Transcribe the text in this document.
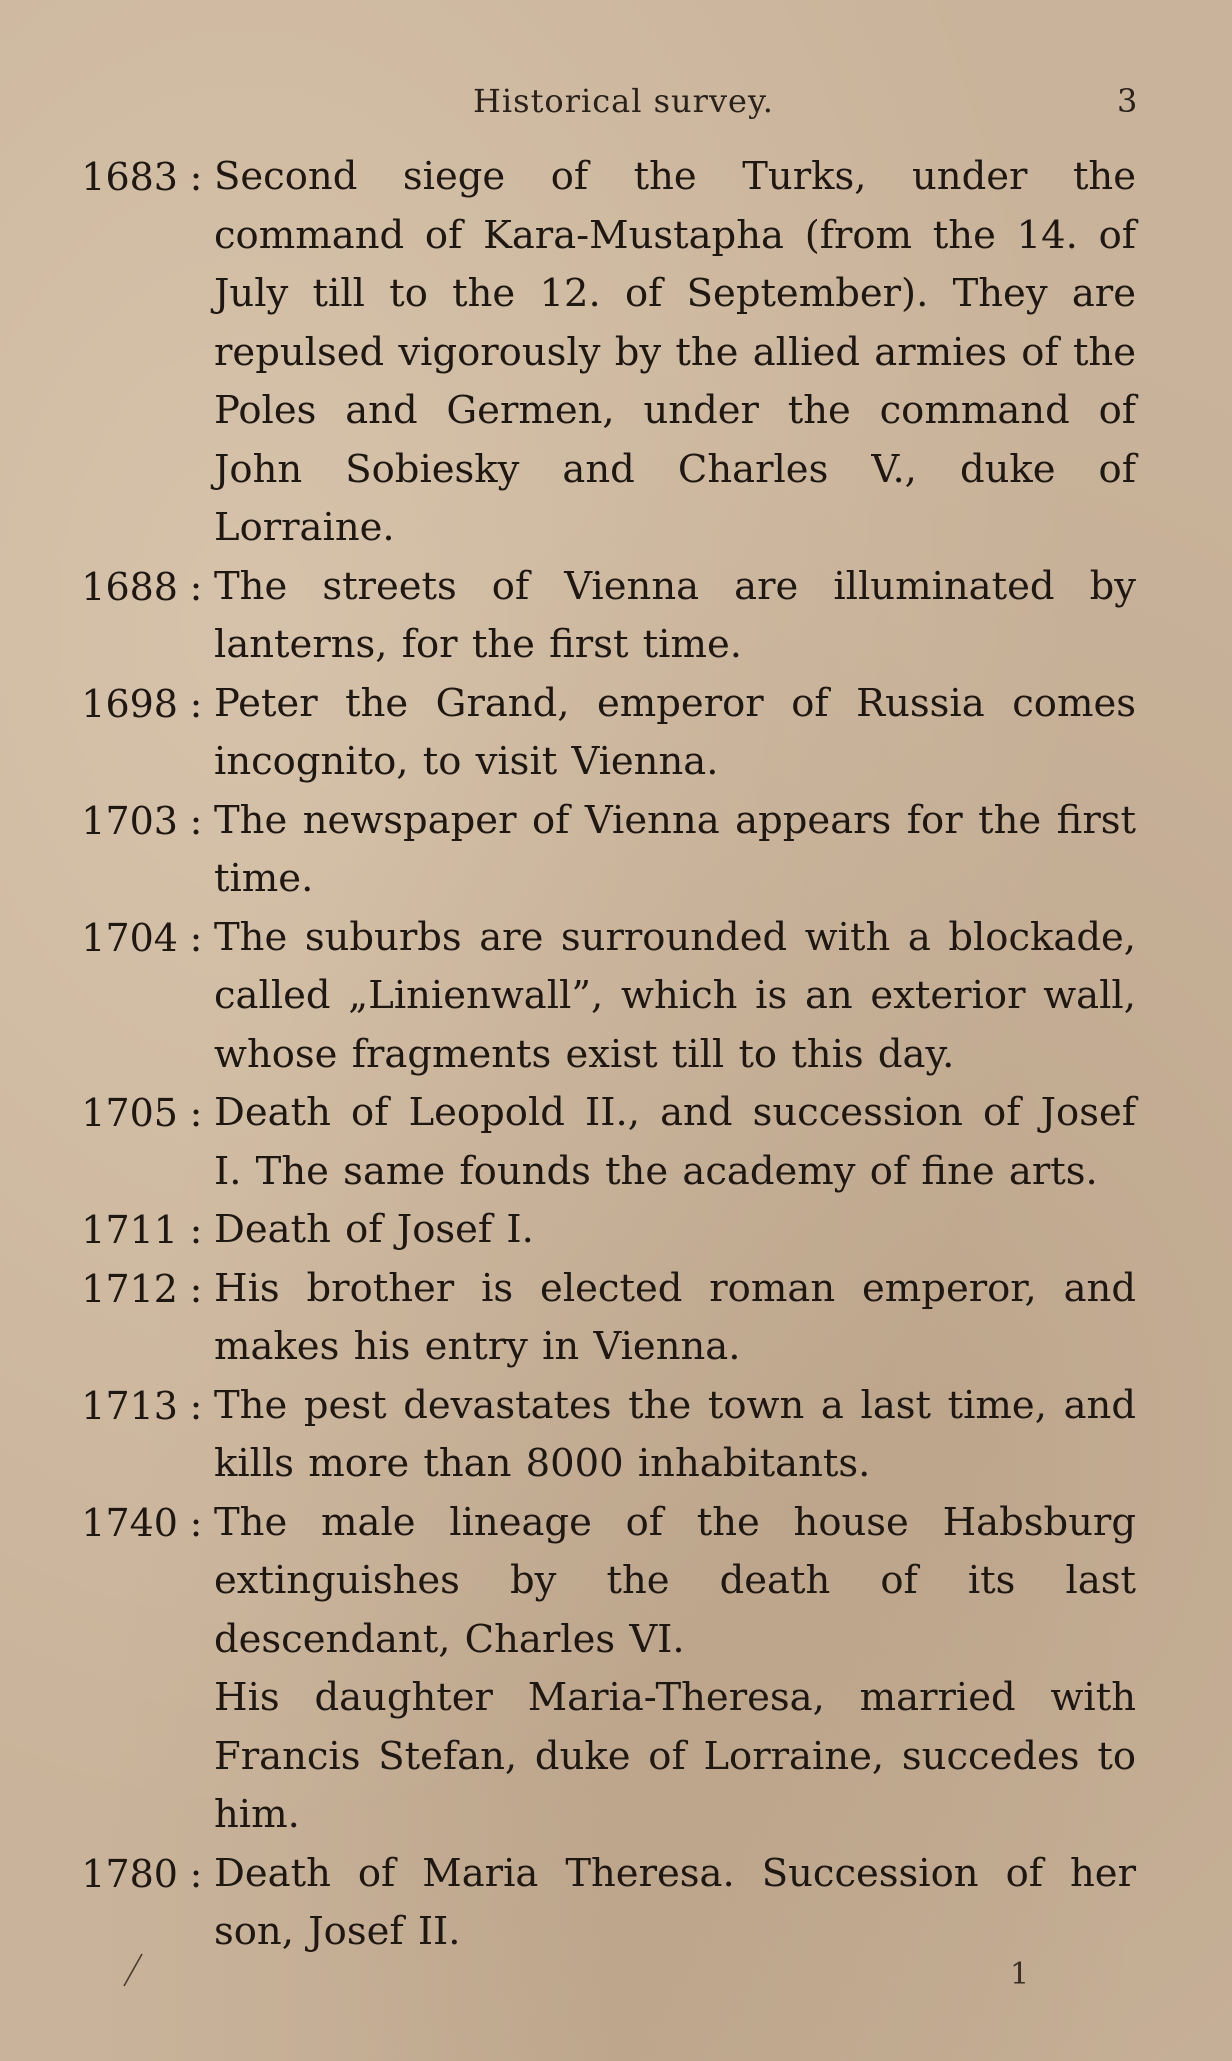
Historical survey.	3
1683 : Second siege of the Turks, under the command of Kara-Mustapha (from the 14. of July till to the 12. of September). They are repulsed vigorously by the allied armies of the Poles and Germen, under the command of John Sobiesky and Charles V., duke of Lorraine.

1688 : The streets of Vienna are illuminated by lanterns, for the first time.

1698 : Peter the Grand, emperor of Russia comes incognito, to visit Vienna.

1703 : The newspaper of Vienna appears for the first time.

1704 : The suburbs are surrounded with a blockade, called „Linienwall”, which is an exterior wall, whose fragments exist till to this day.

1705 : Death of Leopold II., and succession of Josef I. The same founds the academy of fine arts.

1711 : Death of Josef I.

1712 : His brother is elected roman emperor, and makes his entry in Vienna.

1713 : The pest devastates the town a last time, and kills more than 8000 inhabitants.

1740 : The male lineage of the house Habsburg extinguishes by the death of its last descendant, Charles VI.

His daughter Maria-Theresa, married with Francis Stefan, duke of Lorraine, succedes to him.

1780 : Death of Maria Theresa. Succession of her son, Josef II.

1
